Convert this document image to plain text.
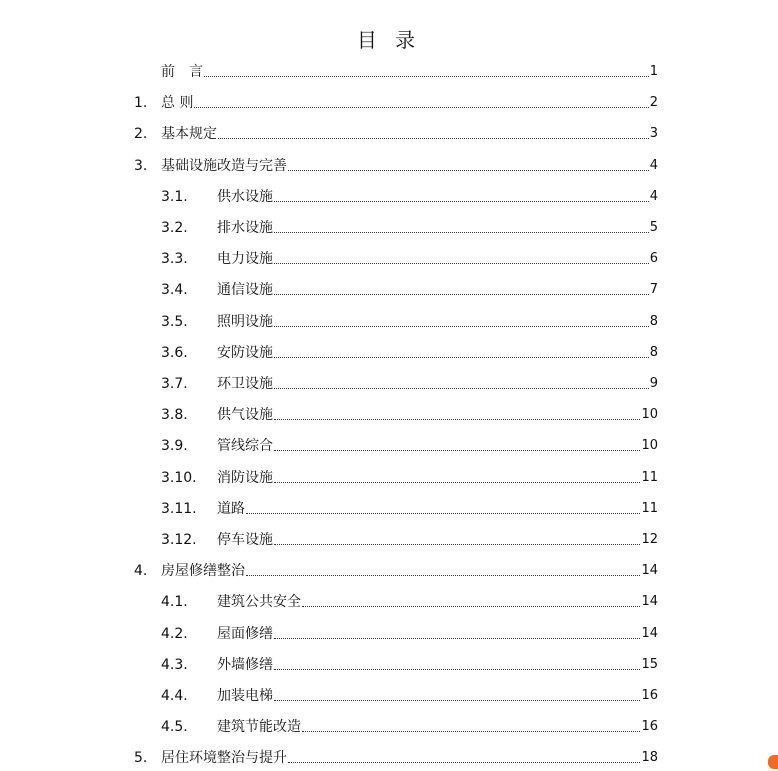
目 录
前　言	1
1. 总 则	2
2. 基本规定	3
3. 基础设施改造与完善	4
3.1.	供水设施	4
3.2.	排水设施	5
3.3.	电力设施	6
3.4.	通信设施	7
3.5.	照明设施	8
3.6.	安防设施	8
3.7.	环卫设施	9
3.8.	供气设施	10
3.9.	管线综合	10
3.10.	消防设施	11
3.11.	道路	11
3.12.	停车设施	12
4. 房屋修缮整治	14
4.1.	建筑公共安全	14
4.2.	屋面修缮	14
4.3.	外墙修缮	15
4.4.	加装电梯	16
4.5.	建筑节能改造	16
5. 居住环境整治与提升	18
